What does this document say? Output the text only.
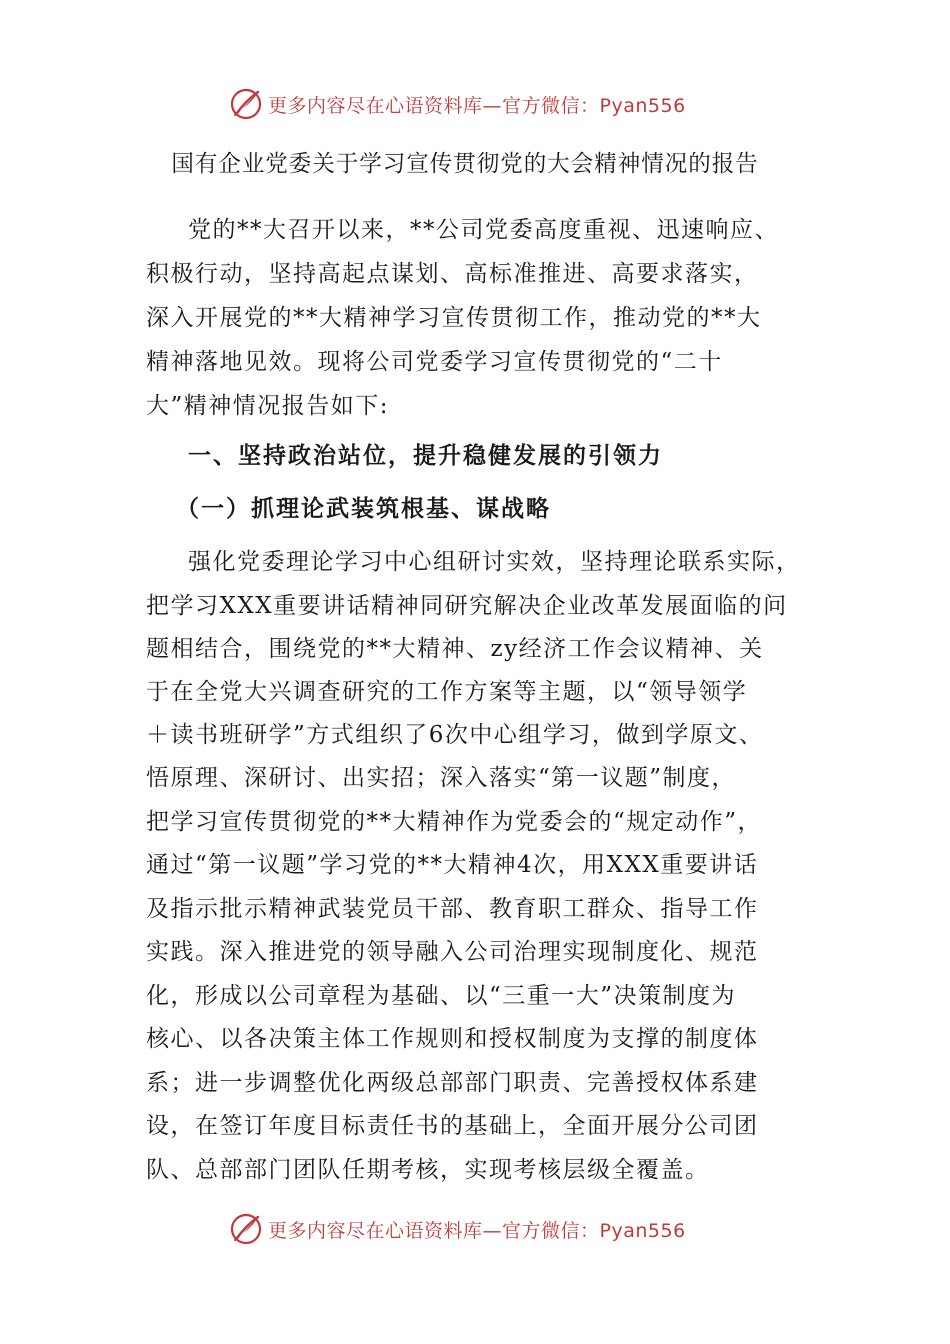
更多内容尽在心语资料库—官方微信：Pyan556
国有企业党委关于学习宣传贯彻党的大会精神情况的报告
党的**大召开以来，**公司党委高度重视、迅速响应、
积极行动，坚持高起点谋划、高标准推进、高要求落实，
深入开展党的**大精神学习宣传贯彻工作，推动党的**大
精神落地见效。现将公司党委学习宣传贯彻党的“二十
大”精神情况报告如下:
一、坚持政治站位，提升稳健发展的引领力
（一）抓理论武装筑根基、谋战略
强化党委理论学习中心组研讨实效，坚持理论联系实际，
把学习XXX重要讲话精神同研究解决企业改革发展面临的问
题相结合，围绕党的**大精神、zy经济工作会议精神、关
于在全党大兴调查研究的工作方案等主题，以“领导领学
＋读书班研学”方式组织了6次中心组学习，做到学原文、
悟原理、深研讨、出实招；深入落实“第一议题”制度，
把学习宣传贯彻党的**大精神作为党委会的“规定动作”，
通过“第一议题”学习党的**大精神4次，用XXX重要讲话
及指示批示精神武装党员干部、教育职工群众、指导工作
实践。深入推进党的领导融入公司治理实现制度化、规范
化，形成以公司章程为基础、以“三重一大”决策制度为
核心、以各决策主体工作规则和授权制度为支撑的制度体
系；进一步调整优化两级总部部门职责、完善授权体系建
设，在签订年度目标责任书的基础上，全面开展分公司团
队、总部部门团队任期考核，实现考核层级全覆盖。
更多内容尽在心语资料库—官方微信：Pyan556
